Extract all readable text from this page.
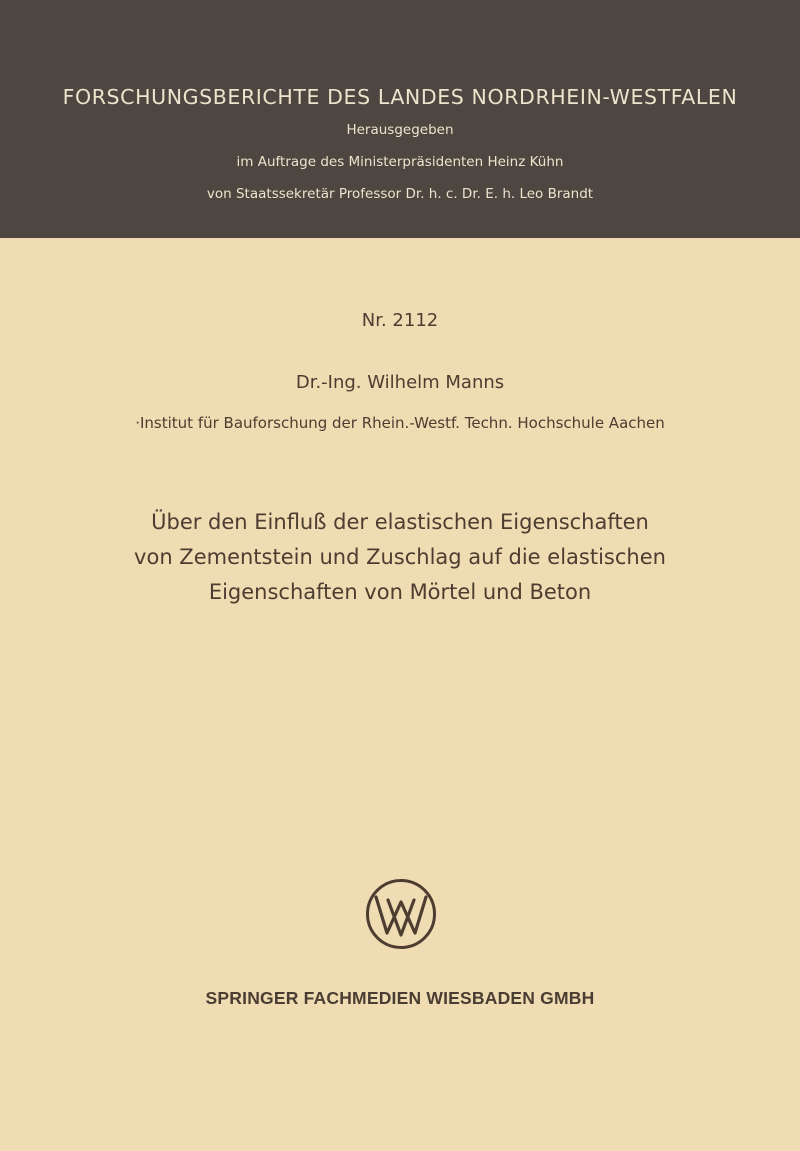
FORSCHUNGSBERICHTE DES LANDES NORDRHEIN-WESTFALEN
Herausgegeben
im Auftrage des Ministerpräsidenten Heinz Kühn
von Staatssekretär Professor Dr. h. c. Dr. E. h. Leo Brandt
Nr. 2112
Dr.-Ing. Wilhelm Manns
·Institut für Bauforschung der Rhein.-Westf. Techn. Hochschule Aachen
Über den Einfluß der elastischen Eigenschaften
von Zementstein und Zuschlag auf die elastischen
Eigenschaften von Mörtel und Beton
SPRINGER FACHMEDIEN WIESBADEN GMBH
